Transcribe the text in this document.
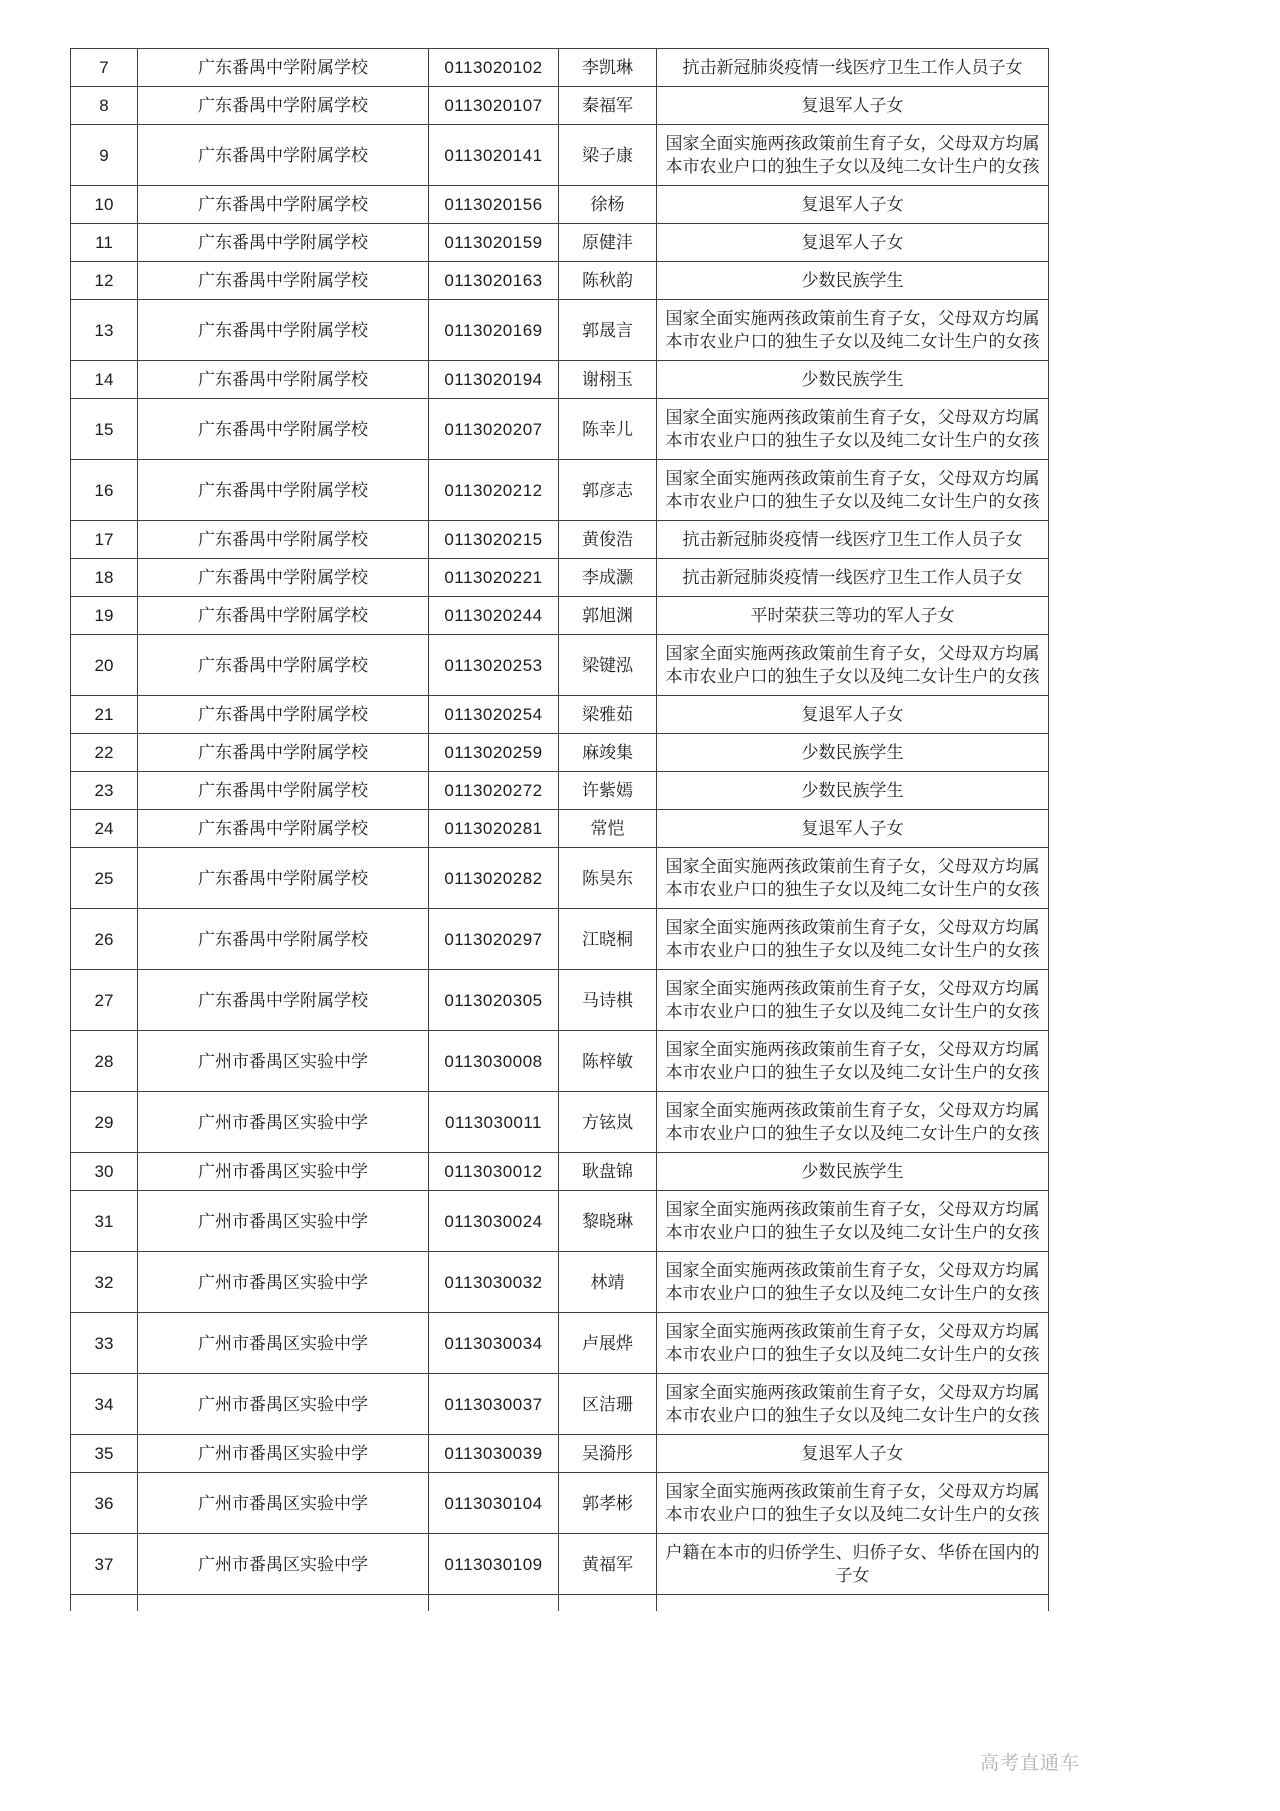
7	广东番禺中学附属学校	0113020102	李凯琳	抗击新冠肺炎疫情一线医疗卫生工作人员子女
8	广东番禺中学附属学校	0113020107	秦福军	复退军人子女
9	广东番禺中学附属学校	0113020141	梁子康	国家全面实施两孩政策前生育子女，父母双方均属本市农业户口的独生子女以及纯二女计生户的女孩
10	广东番禺中学附属学校	0113020156	徐杨	复退军人子女
11	广东番禺中学附属学校	0113020159	原健沣	复退军人子女
12	广东番禺中学附属学校	0113020163	陈秋韵	少数民族学生
13	广东番禺中学附属学校	0113020169	郭晟言	国家全面实施两孩政策前生育子女，父母双方均属本市农业户口的独生子女以及纯二女计生户的女孩
14	广东番禺中学附属学校	0113020194	谢栩玉	少数民族学生
15	广东番禺中学附属学校	0113020207	陈幸儿	国家全面实施两孩政策前生育子女，父母双方均属本市农业户口的独生子女以及纯二女计生户的女孩
16	广东番禺中学附属学校	0113020212	郭彦志	国家全面实施两孩政策前生育子女，父母双方均属本市农业户口的独生子女以及纯二女计生户的女孩
17	广东番禺中学附属学校	0113020215	黄俊浩	抗击新冠肺炎疫情一线医疗卫生工作人员子女
18	广东番禺中学附属学校	0113020221	李成灏	抗击新冠肺炎疫情一线医疗卫生工作人员子女
19	广东番禺中学附属学校	0113020244	郭旭渊	平时荣获三等功的军人子女
20	广东番禺中学附属学校	0113020253	梁键泓	国家全面实施两孩政策前生育子女，父母双方均属本市农业户口的独生子女以及纯二女计生户的女孩
21	广东番禺中学附属学校	0113020254	梁雅茹	复退军人子女
22	广东番禺中学附属学校	0113020259	麻竣集	少数民族学生
23	广东番禺中学附属学校	0113020272	许紫嫣	少数民族学生
24	广东番禺中学附属学校	0113020281	常恺	复退军人子女
25	广东番禺中学附属学校	0113020282	陈昊东	国家全面实施两孩政策前生育子女，父母双方均属本市农业户口的独生子女以及纯二女计生户的女孩
26	广东番禺中学附属学校	0113020297	江晓桐	国家全面实施两孩政策前生育子女，父母双方均属本市农业户口的独生子女以及纯二女计生户的女孩
27	广东番禺中学附属学校	0113020305	马诗棋	国家全面实施两孩政策前生育子女，父母双方均属本市农业户口的独生子女以及纯二女计生户的女孩
28	广州市番禺区实验中学	0113030008	陈梓敏	国家全面实施两孩政策前生育子女，父母双方均属本市农业户口的独生子女以及纯二女计生户的女孩
29	广州市番禺区实验中学	0113030011	方铉岚	国家全面实施两孩政策前生育子女，父母双方均属本市农业户口的独生子女以及纯二女计生户的女孩
30	广州市番禺区实验中学	0113030012	耿盘锦	少数民族学生
31	广州市番禺区实验中学	0113030024	黎晓琳	国家全面实施两孩政策前生育子女，父母双方均属本市农业户口的独生子女以及纯二女计生户的女孩
32	广州市番禺区实验中学	0113030032	林靖	国家全面实施两孩政策前生育子女，父母双方均属本市农业户口的独生子女以及纯二女计生户的女孩
33	广州市番禺区实验中学	0113030034	卢展烨	国家全面实施两孩政策前生育子女，父母双方均属本市农业户口的独生子女以及纯二女计生户的女孩
34	广州市番禺区实验中学	0113030037	区洁珊	国家全面实施两孩政策前生育子女，父母双方均属本市农业户口的独生子女以及纯二女计生户的女孩
35	广州市番禺区实验中学	0113030039	吴漪彤	复退军人子女
36	广州市番禺区实验中学	0113030104	郭孝彬	国家全面实施两孩政策前生育子女，父母双方均属本市农业户口的独生子女以及纯二女计生户的女孩
37	广州市番禺区实验中学	0113030109	黄福军	户籍在本市的归侨学生、归侨子女、华侨在国内的子女

高考直通车
